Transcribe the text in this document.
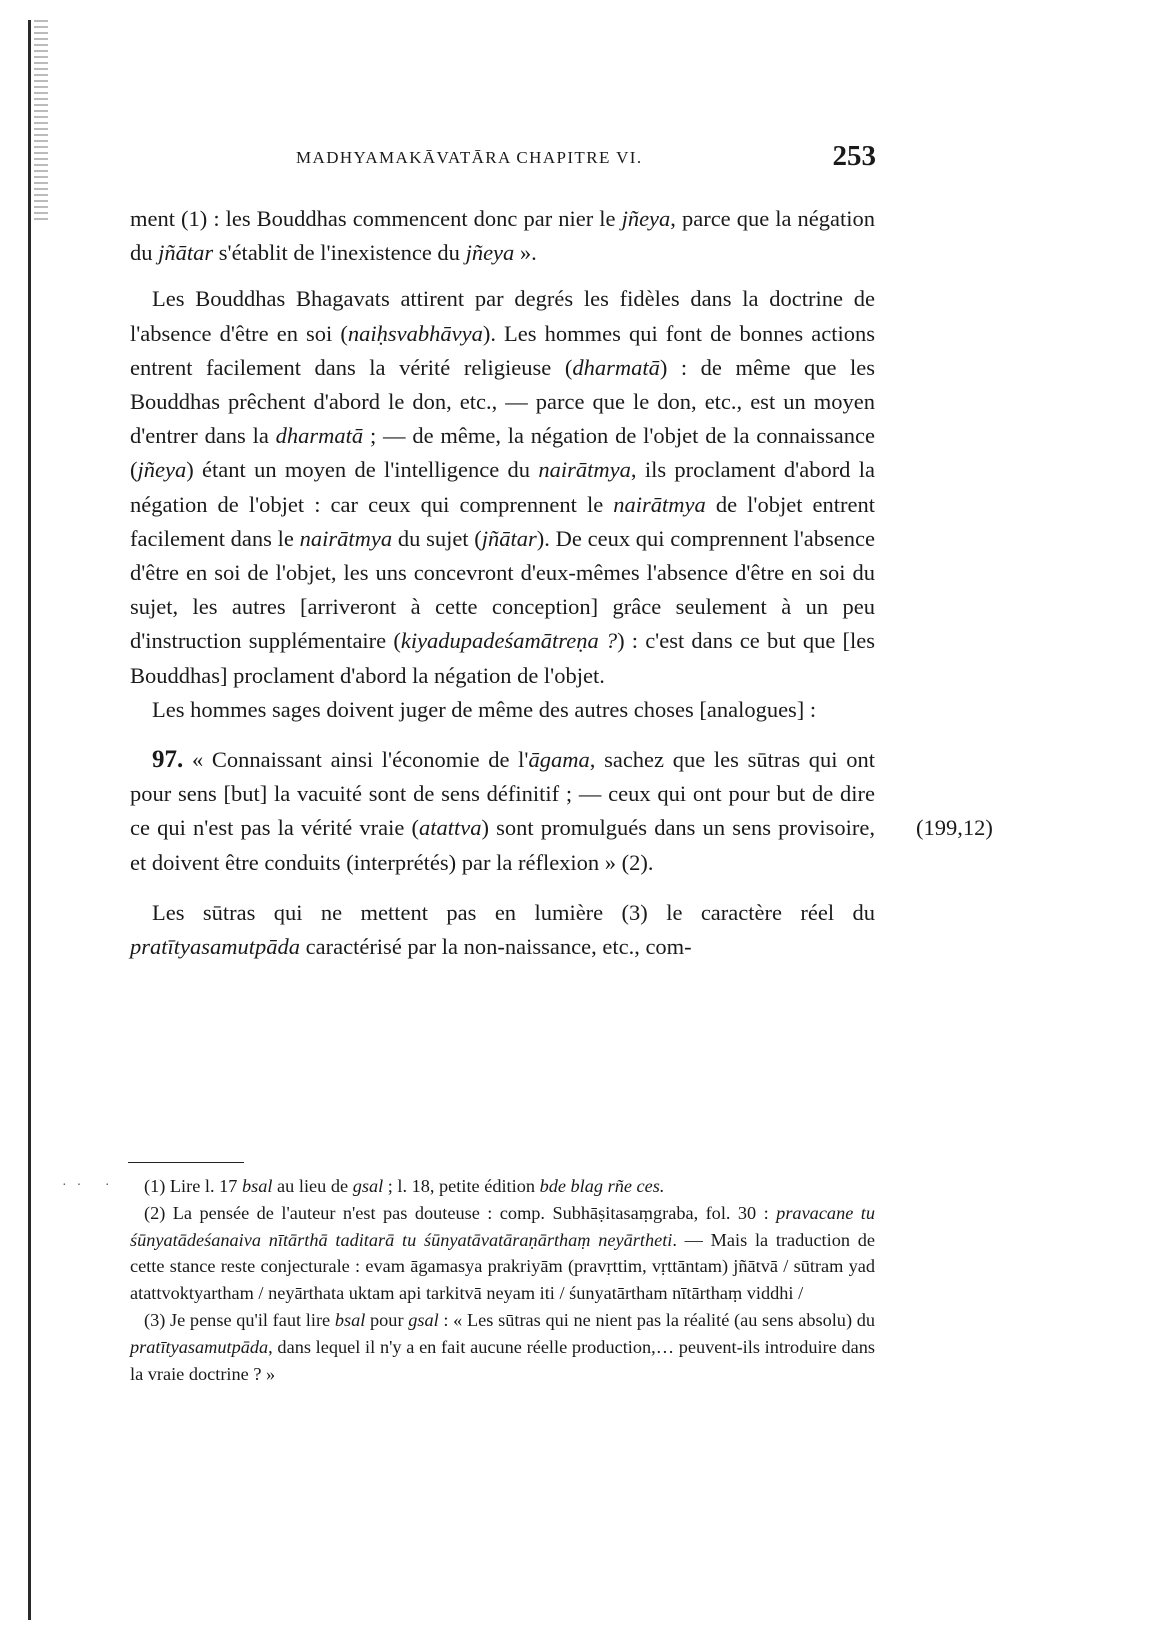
MADHYAMAKĀVATĀRA CHAPITRE VI.	253

ment (1) : les Bouddhas commencent donc par nier le jñeya, parce que la négation du jñātar s'établit de l'inexistence du jñeya ».

Les Bouddhas Bhagavats attirent par degrés les fidèles dans la doctrine de l'absence d'être en soi (naiḥsvabhāvya). Les hommes qui font de bonnes actions entrent facilement dans la vérité religieuse (dharmatā) : de même que les Bouddhas prêchent d'abord le don, etc., — parce que le don, etc., est un moyen d'entrer dans la dharmatā ; — de même, la négation de l'objet de la connaissance (jñeya) étant un moyen de l'intelligence du nairātmya, ils proclament d'abord la négation de l'objet : car ceux qui comprennent le nairātmya de l'objet entrent facilement dans le nairātmya du sujet (jñātar). De ceux qui comprennent l'absence d'être en soi de l'objet, les uns concevront d'eux-mêmes l'absence d'être en soi du sujet, les autres [arriveront à cette conception] grâce seulement à un peu d'instruction supplémentaire (kiyadupadeśamātreṇa ?) : c'est dans ce but que [les Bouddhas] proclament d'abord la négation de l'objet.

Les hommes sages doivent juger de même des autres choses [analogues] :

97. « Connaissant ainsi l'économie de l'āgama, sachez que les sūtras qui ont pour sens [but] la vacuité sont de sens définitif ; — ceux qui ont pour but de dire ce qui n'est pas la vérité vraie (atattva) sont promulgués dans un sens provisoire, et doivent être conduits (interprétés) par la réflexion » (2).

Les sūtras qui ne mettent pas en lumière (3) le caractère réel du pratītyasamutpāda caractérisé par la non-naissance, etc., com-

(199,12)
·· ·	(1) Lire l. 17 bsal au lieu de gsal ; l. 18, petite édition bde blag rñe ces.

(2) La pensée de l'auteur n'est pas douteuse : comp. Subhāṣitasaṃgraba, fol. 30 : pravacane tu śūnyatādeśanaiva nītārthā taditarā tu śūnyatāvatāraṇārthaṃ neyārtheti. — Mais la traduction de cette stance reste conjecturale : evam āgamasya prakriyām (pravṛttim, vṛttāntam) jñātvā / sūtram yad atattvoktyartham / neyārthata uktam api tarkitvā neyam iti / śunyatārtham nītārthaṃ viddhi /

(3) Je pense qu'il faut lire bsal pour gsal : « Les sūtras qui ne nient pas la réalité (au sens absolu) du pratītyasamutpāda, dans lequel il n'y a en fait aucune réelle production,… peuvent-ils introduire dans la vraie doctrine ? »
